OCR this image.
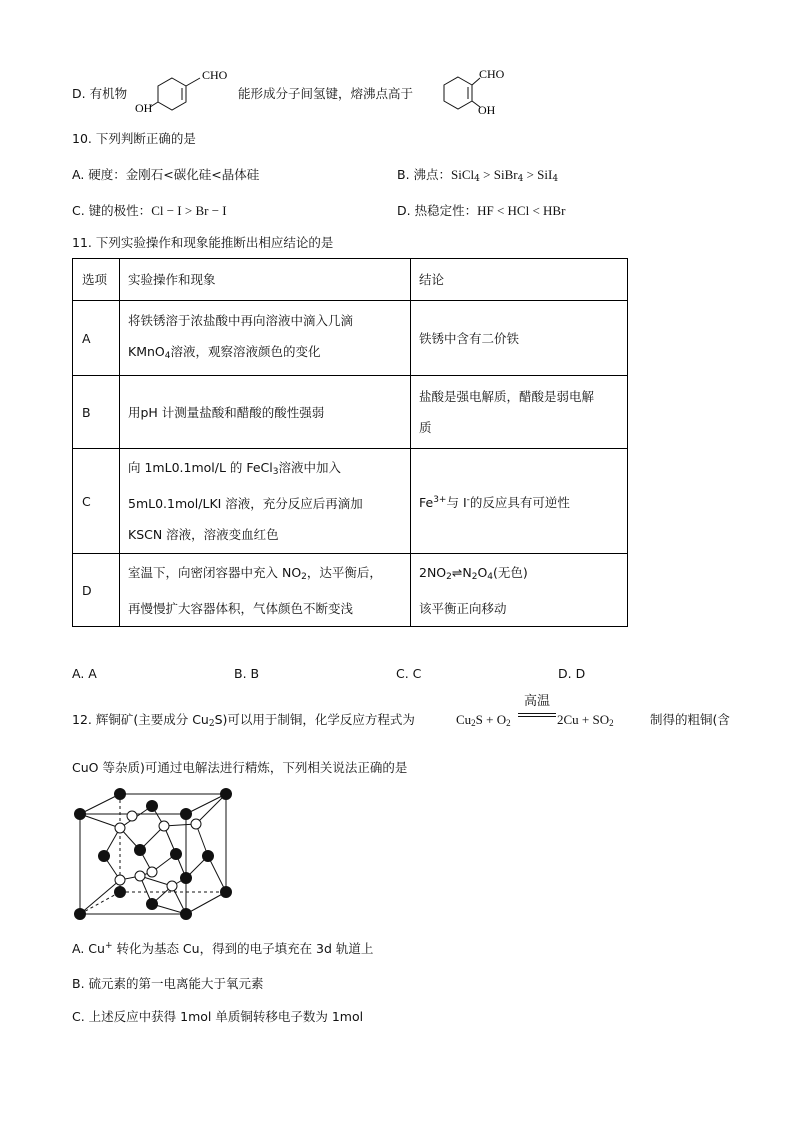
D. 有机物
CHO
OH
能形成分子间氢键，熔沸点高于
CHO
OH
10. 下列判断正确的是
A. 硬度：金刚石<碳化硅<晶体硅	B. 沸点：SiCl$_4$ > SiBr$_4$ > SiI$_4$
C. 键的极性：Cl − I > Br − I	D. 热稳定性：HF < HCl < HBr
11. 下列实验操作和现象能推断出相应结论的是
选项	实验操作和现象	结论
A	将铁锈溶于浓盐酸中再向溶液中滴入几滴
KMnO$_4$溶液，观察溶液颜色的变化	铁锈中含有二价铁
B	用pH 计测量盐酸和醋酸的酸性强弱	盐酸是强电解质，醋酸是弱电解
质

C	向 1mL0.1mol/L 的 FeCl$_3$溶液中加入
5mL0.1mol/LKI 溶液，充分反应后再滴加
KSCN 溶液，溶液变血红色	$Fe^{3+}$与 I-的反应具有可逆性
D	室温下，向密闭容器中充入 $NO_2$，达平衡后，
再慢慢扩大容器体积，气体颜色不断变浅	$2NO_2\rightleftharpoons N_2O_4$(无色)
该平衡正向移动
A. A	B. B	C. C	D. D
12. 辉铜矿(主要成分 $Cu_2S$)可以用于制铜，化学反应方程式为	$Cu_2S + O_2$
高温
$2Cu + SO_2$	制得的粗铜(含
CuO 等杂质)可通过电解法进行精炼，下列相关说法正确的是
A. Cu+ 转化为基态 Cu，得到的电子填充在 3d 轨道上
B. 硫元素的第一电离能大于氧元素
C. 上述反应中获得 1mol 单质铜转移电子数为 1mol
